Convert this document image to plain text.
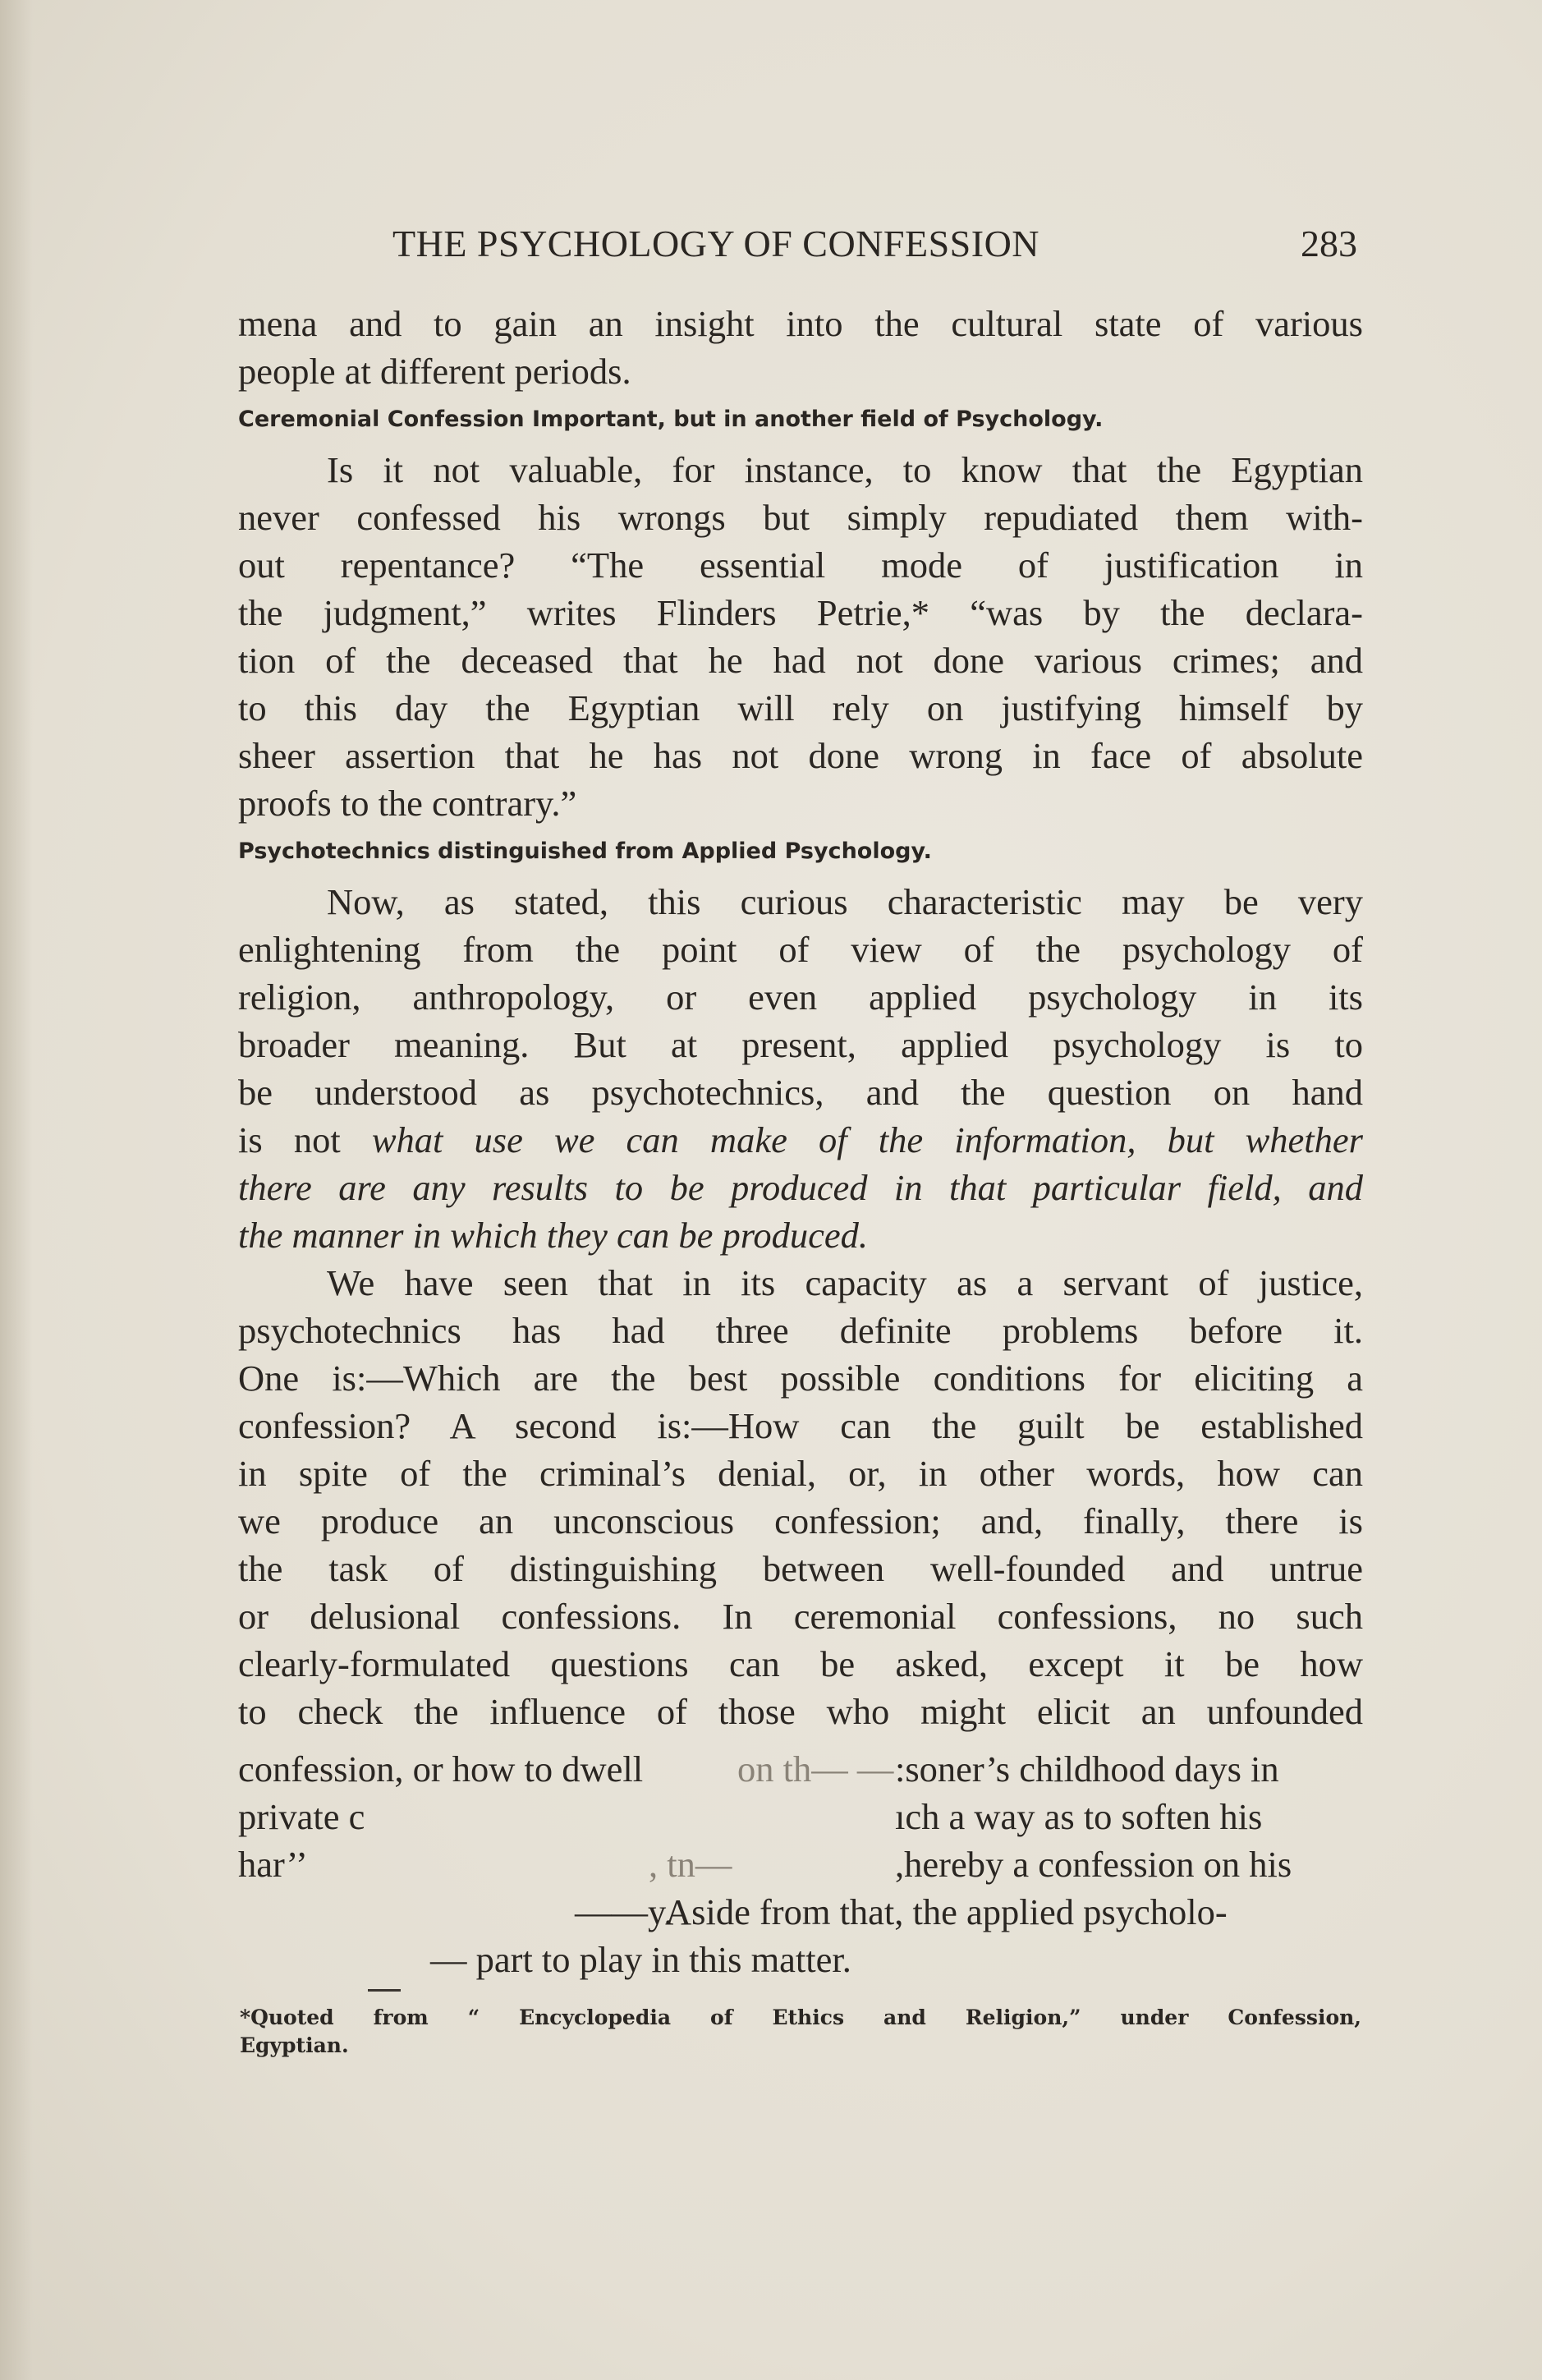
THE PSYCHOLOGY OF CONFESSION	283
mena and to gain an insight into the cultural state of various
people at different periods.
Ceremonial Confession Important, but in another field of Psychology.
Is it not valuable, for instance, to know that the Egyptian
never confessed his wrongs but simply repudiated them with-
out repentance? “The essential mode of justification in
the judgment,” writes Flinders Petrie,* “was by the declara-
tion of the deceased that he had not done various crimes; and
to this day the Egyptian will rely on justifying himself by
sheer assertion that he has not done wrong in face of absolute
proofs to the contrary.”
Psychotechnics distinguished from Applied Psychology.
Now, as stated, this curious characteristic may be very
enlightening from the point of view of the psychology of
religion, anthropology, or even applied psychology in its
broader meaning. But at present, applied psychology is to
be understood as psychotechnics, and the question on hand
is not what use we can make of the information, but whether
there are any results to be produced in that particular field, and
the manner in which they can be produced.
We have seen that in its capacity as a servant of justice,
psychotechnics has had three definite problems before it.
One is:—Which are the best possible conditions for eliciting a
confession? A second is:—How can the guilt be established
in spite of the criminal’s denial, or, in other words, how can
we produce an unconscious confession; and, finally, there is
the task of distinguishing between well-founded and untrue
or delusional confessions. In ceremonial confessions, no such
clearly-formulated questions can be asked, except it be how
to check the influence of those who might elicit an unfounded
confession, or how to dwell	on th— — :soner’s childhood days in
private c	ıch a way as to soften his
har’’	, tn—	,hereby a confession on his
——y.
Aside from that, the applied psycholo-
— part to play in this matter.
*Quoted from “ Encyclopedia of Ethics and Religion,” under Confession,
Egyptian.
